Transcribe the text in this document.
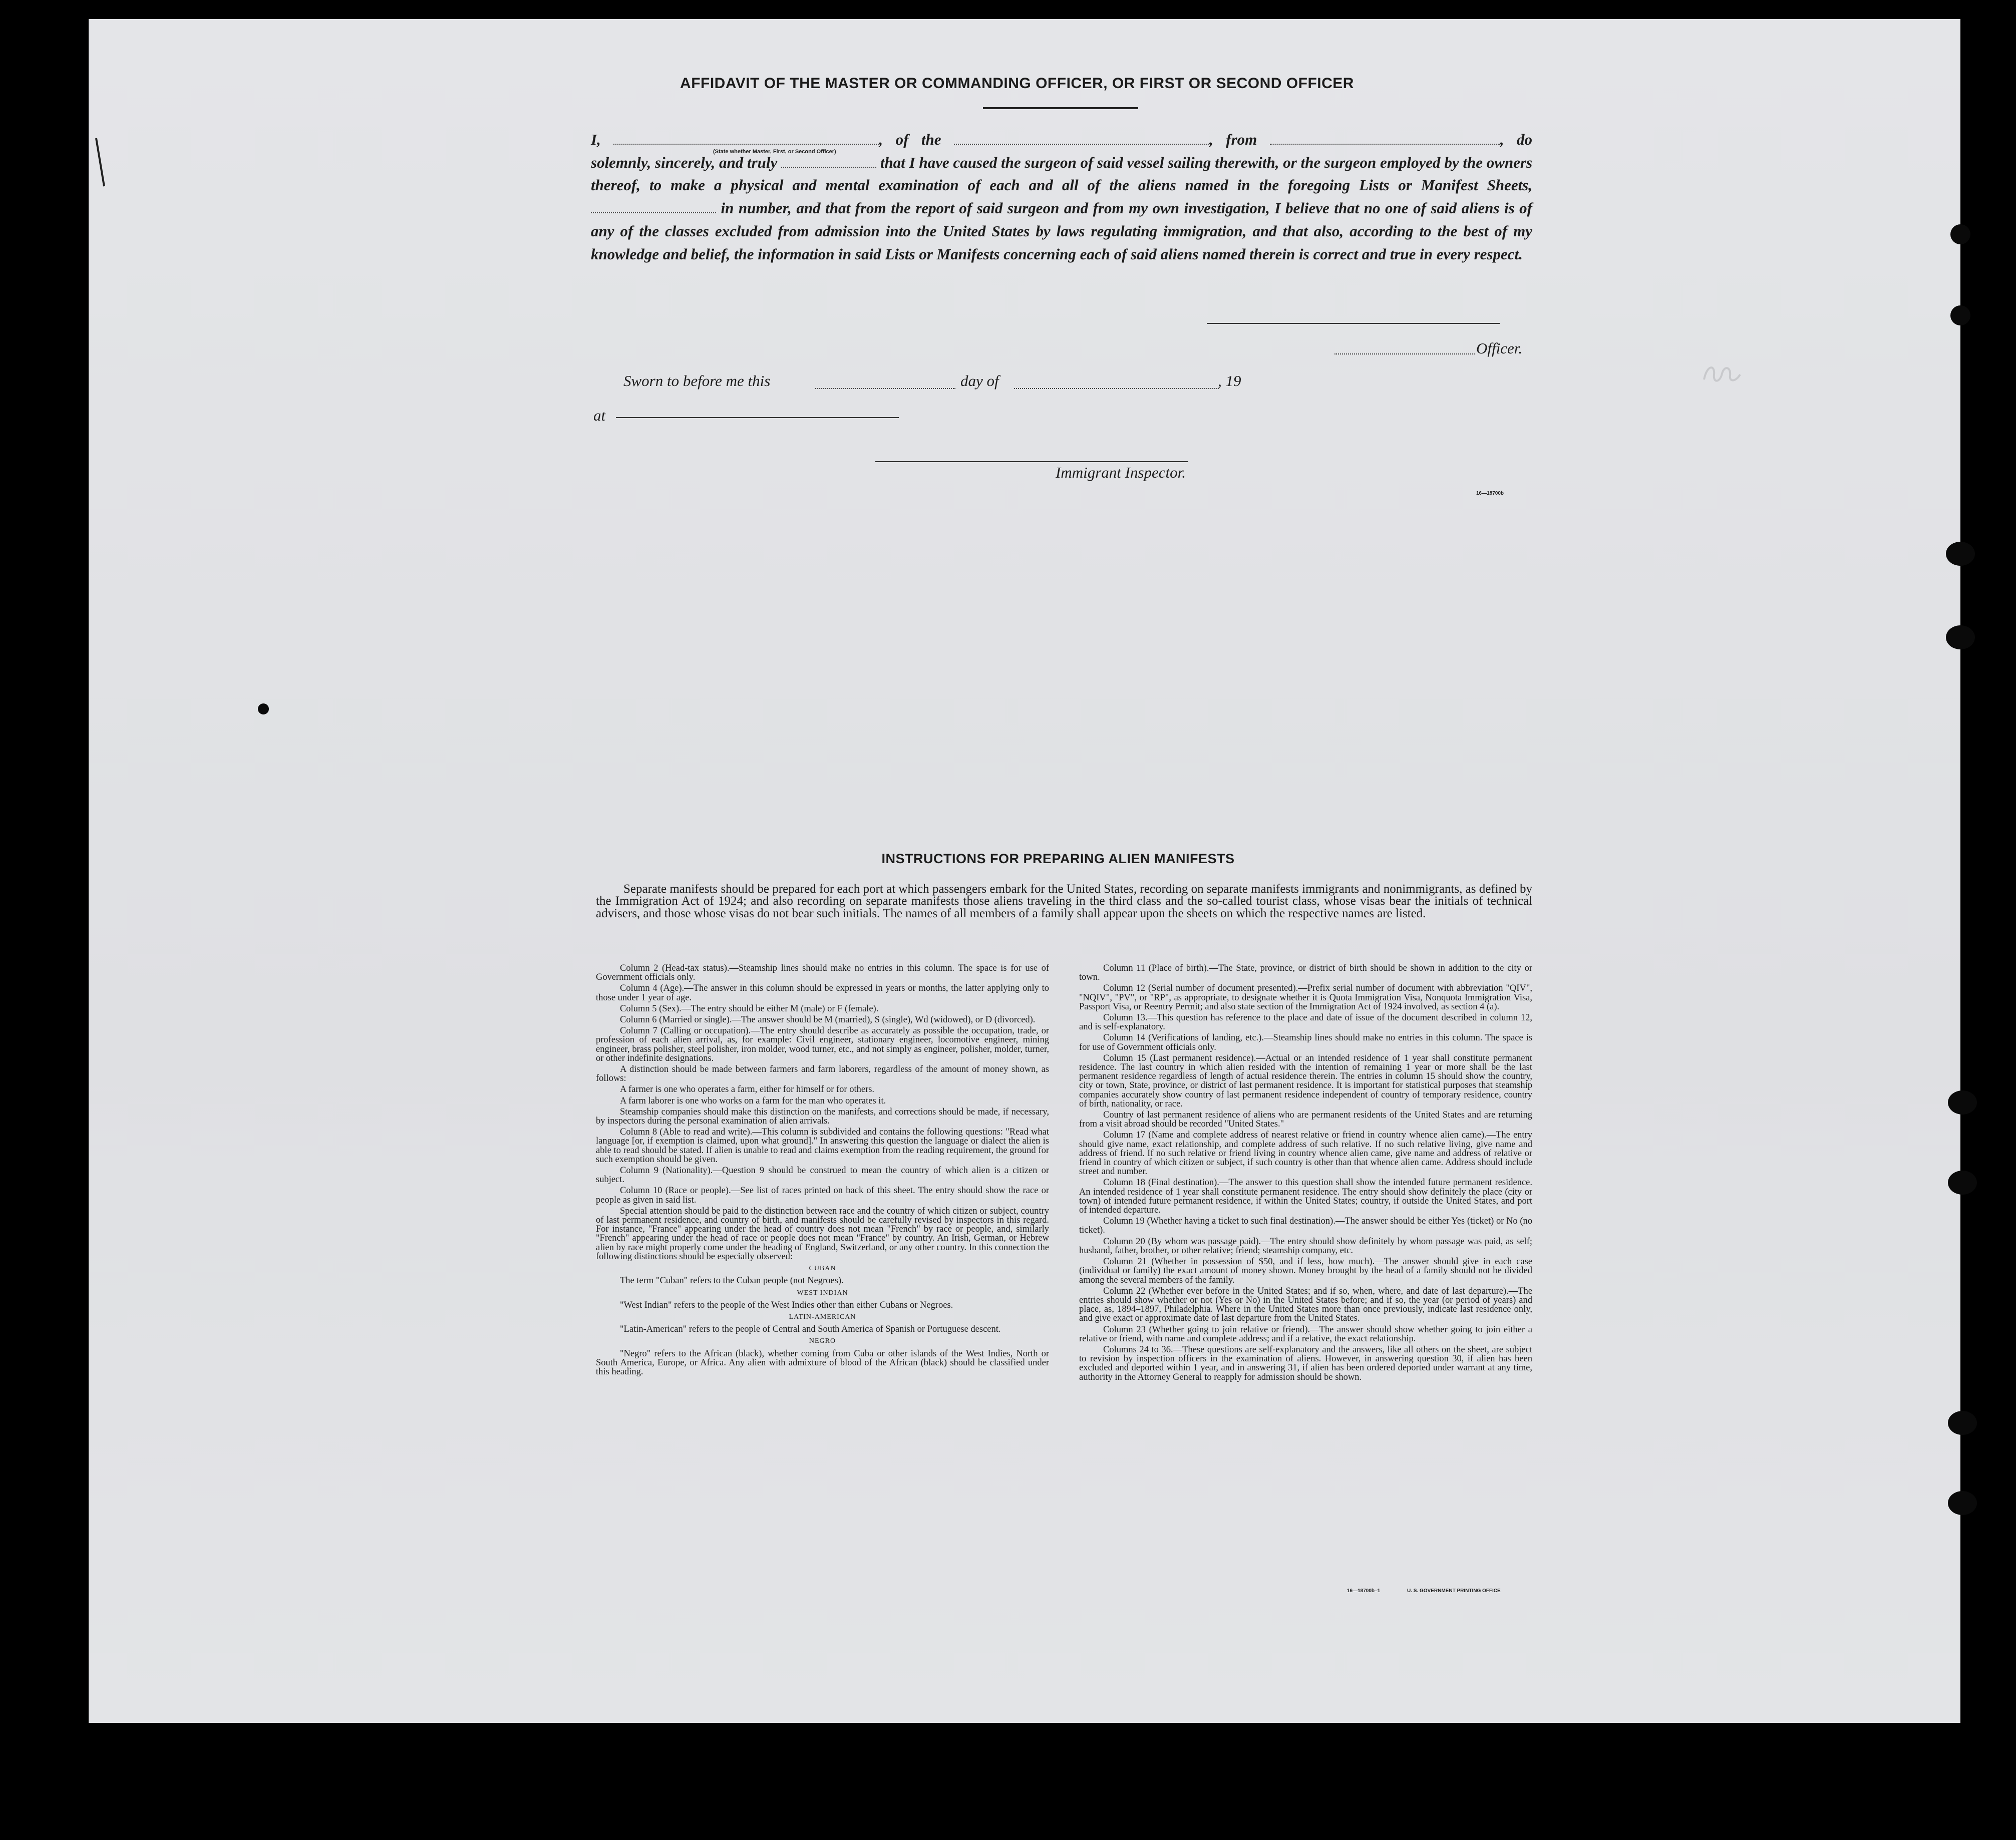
AFFIDAVIT OF THE MASTER OR COMMANDING OFFICER, OR FIRST OR SECOND OFFICER
I,	, of the	, from	, do solemnly, sincerely, and truly	that I have caused the surgeon of said vessel sailing therewith, or the surgeon employed by the owners thereof, to make a physical and mental examination of each and all of the aliens named in the foregoing Lists or Manifest Sheets,  in number, and that from the report of said surgeon and from my own investigation, I believe that no one of said aliens is of any of the classes excluded from admission into the United States by laws regulating immigration, and that also, according to the best of my knowledge and belief, the information in said Lists or Manifests concerning each of said aliens named therein is correct and true in every respect.
(State whether Master, First, or Second Officer)
Officer.
Sworn to before me this	day of	, 19
at
Immigrant Inspector.
16—18700b
INSTRUCTIONS FOR PREPARING ALIEN MANIFESTS
Separate manifests should be prepared for each port at which passengers embark for the United States, recording on separate manifests immigrants and nonimmigrants, as defined by the Immigration Act of 1924; and also recording on separate manifests those aliens traveling in the third class and the so-called tourist class, whose visas bear the initials of technical advisers, and those whose visas do not bear such initials. The names of all members of a family shall appear upon the sheets on which the respective names are listed.

Column 2 (Head-tax status).—Steamship lines should make no entries in this column. The space is for use of Government officials only.

Column 4 (Age).—The answer in this column should be expressed in years or months, the latter applying only to those under 1 year of age.

Column 5 (Sex).—The entry should be either M (male) or F (female).

Column 6 (Married or single).—The answer should be M (married), S (single), Wd (widowed), or D (divorced).

Column 7 (Calling or occupation).—The entry should describe as accurately as possible the occupation, trade, or profession of each alien arrival, as, for example: Civil engineer, stationary engineer, locomotive engineer, mining engineer, brass polisher, steel polisher, iron molder, wood turner, etc., and not simply as engineer, polisher, molder, turner, or other indefinite designations.

A distinction should be made between farmers and farm laborers, regardless of the amount of money shown, as follows:

A farmer is one who operates a farm, either for himself or for others.

A farm laborer is one who works on a farm for the man who operates it.

Steamship companies should make this distinction on the manifests, and corrections should be made, if necessary, by inspectors during the personal examination of alien arrivals.

Column 8 (Able to read and write).—This column is subdivided and contains the following questions: "Read what language [or, if exemption is claimed, upon what ground]." In answering this question the language or dialect the alien is able to read should be stated. If alien is unable to read and claims exemption from the reading requirement, the ground for such exemption should be given.

Column 9 (Nationality).—Question 9 should be construed to mean the country of which alien is a citizen or subject.

Column 10 (Race or people).—See list of races printed on back of this sheet. The entry should show the race or people as given in said list.

Special attention should be paid to the distinction between race and the country of which citizen or subject, country of last permanent residence, and country of birth, and manifests should be carefully revised by inspectors in this regard. For instance, "France" appearing under the head of country does not mean "French" by race or people, and, similarly "French" appearing under the head of race or people does not mean "France" by country. An Irish, German, or Hebrew alien by race might properly come under the heading of England, Switzerland, or any other country. In this connection the following distinctions should be especially observed:

CUBAN

The term "Cuban" refers to the Cuban people (not Negroes).

WEST INDIAN

"West Indian" refers to the people of the West Indies other than either Cubans or Negroes.

LATIN-AMERICAN

"Latin-American" refers to the people of Central and South America of Spanish or Portuguese descent.

NEGRO

"Negro" refers to the African (black), whether coming from Cuba or other islands of the West Indies, North or South America, Europe, or Africa. Any alien with admixture of blood of the African (black) should be classified under this heading.

Column 11 (Place of birth).—The State, province, or district of birth should be shown in addition to the city or town.

Column 12 (Serial number of document presented).—Prefix serial number of document with abbreviation "QIV", "NQIV", "PV", or "RP", as appropriate, to designate whether it is Quota Immigration Visa, Nonquota Immigration Visa, Passport Visa, or Reentry Permit; and also state section of the Immigration Act of 1924 involved, as section 4 (a).

Column 13.—This question has reference to the place and date of issue of the document described in column 12, and is self-explanatory.

Column 14 (Verifications of landing, etc.).—Steamship lines should make no entries in this column. The space is for use of Government officials only.

Column 15 (Last permanent residence).—Actual or an intended residence of 1 year shall constitute permanent residence. The last country in which alien resided with the intention of remaining 1 year or more shall be the last permanent residence regardless of length of actual residence therein. The entries in column 15 should show the country, city or town, State, province, or district of last permanent residence. It is important for statistical purposes that steamship companies accurately show country of last permanent residence independent of country of temporary residence, country of birth, nationality, or race.

Country of last permanent residence of aliens who are permanent residents of the United States and are returning from a visit abroad should be recorded "United States."

Column 17 (Name and complete address of nearest relative or friend in country whence alien came).—The entry should give name, exact relationship, and complete address of such relative. If no such relative living, give name and address of friend. If no such relative or friend living in country whence alien came, give name and address of relative or friend in country of which citizen or subject, if such country is other than that whence alien came. Address should include street and number.

Column 18 (Final destination).—The answer to this question shall show the intended future permanent residence. An intended residence of 1 year shall constitute permanent residence. The entry should show definitely the place (city or town) of intended future permanent residence, if within the United States; country, if outside the United States, and port of intended departure.

Column 19 (Whether having a ticket to such final destination).—The answer should be either Yes (ticket) or No (no ticket).

Column 20 (By whom was passage paid).—The entry should show definitely by whom passage was paid, as self; husband, father, brother, or other relative; friend; steamship company, etc.

Column 21 (Whether in possession of $50, and if less, how much).—The answer should give in each case (individual or family) the exact amount of money shown. Money brought by the head of a family should not be divided among the several members of the family.

Column 22 (Whether ever before in the United States; and if so, when, where, and date of last departure).—The entries should show whether or not (Yes or No) in the United States before; and if so, the year (or period of years) and place, as, 1894–1897, Philadelphia. Where in the United States more than once previously, indicate last residence only, and give exact or approximate date of last departure from the United States.

Column 23 (Whether going to join relative or friend).—The answer should show whether going to join either a relative or friend, with name and complete address; and if a relative, the exact relationship.

Columns 24 to 36.—These questions are self-explanatory and the answers, like all others on the sheet, are subject to revision by inspection officers in the examination of aliens. However, in answering question 30, if alien has been excluded and deported within 1 year, and in answering 31, if alien has been ordered deported under warrant at any time, authority in the Attorney General to reapply for admission should be shown.

16—18700b–1	U. S. GOVERNMENT PRINTING OFFICE
